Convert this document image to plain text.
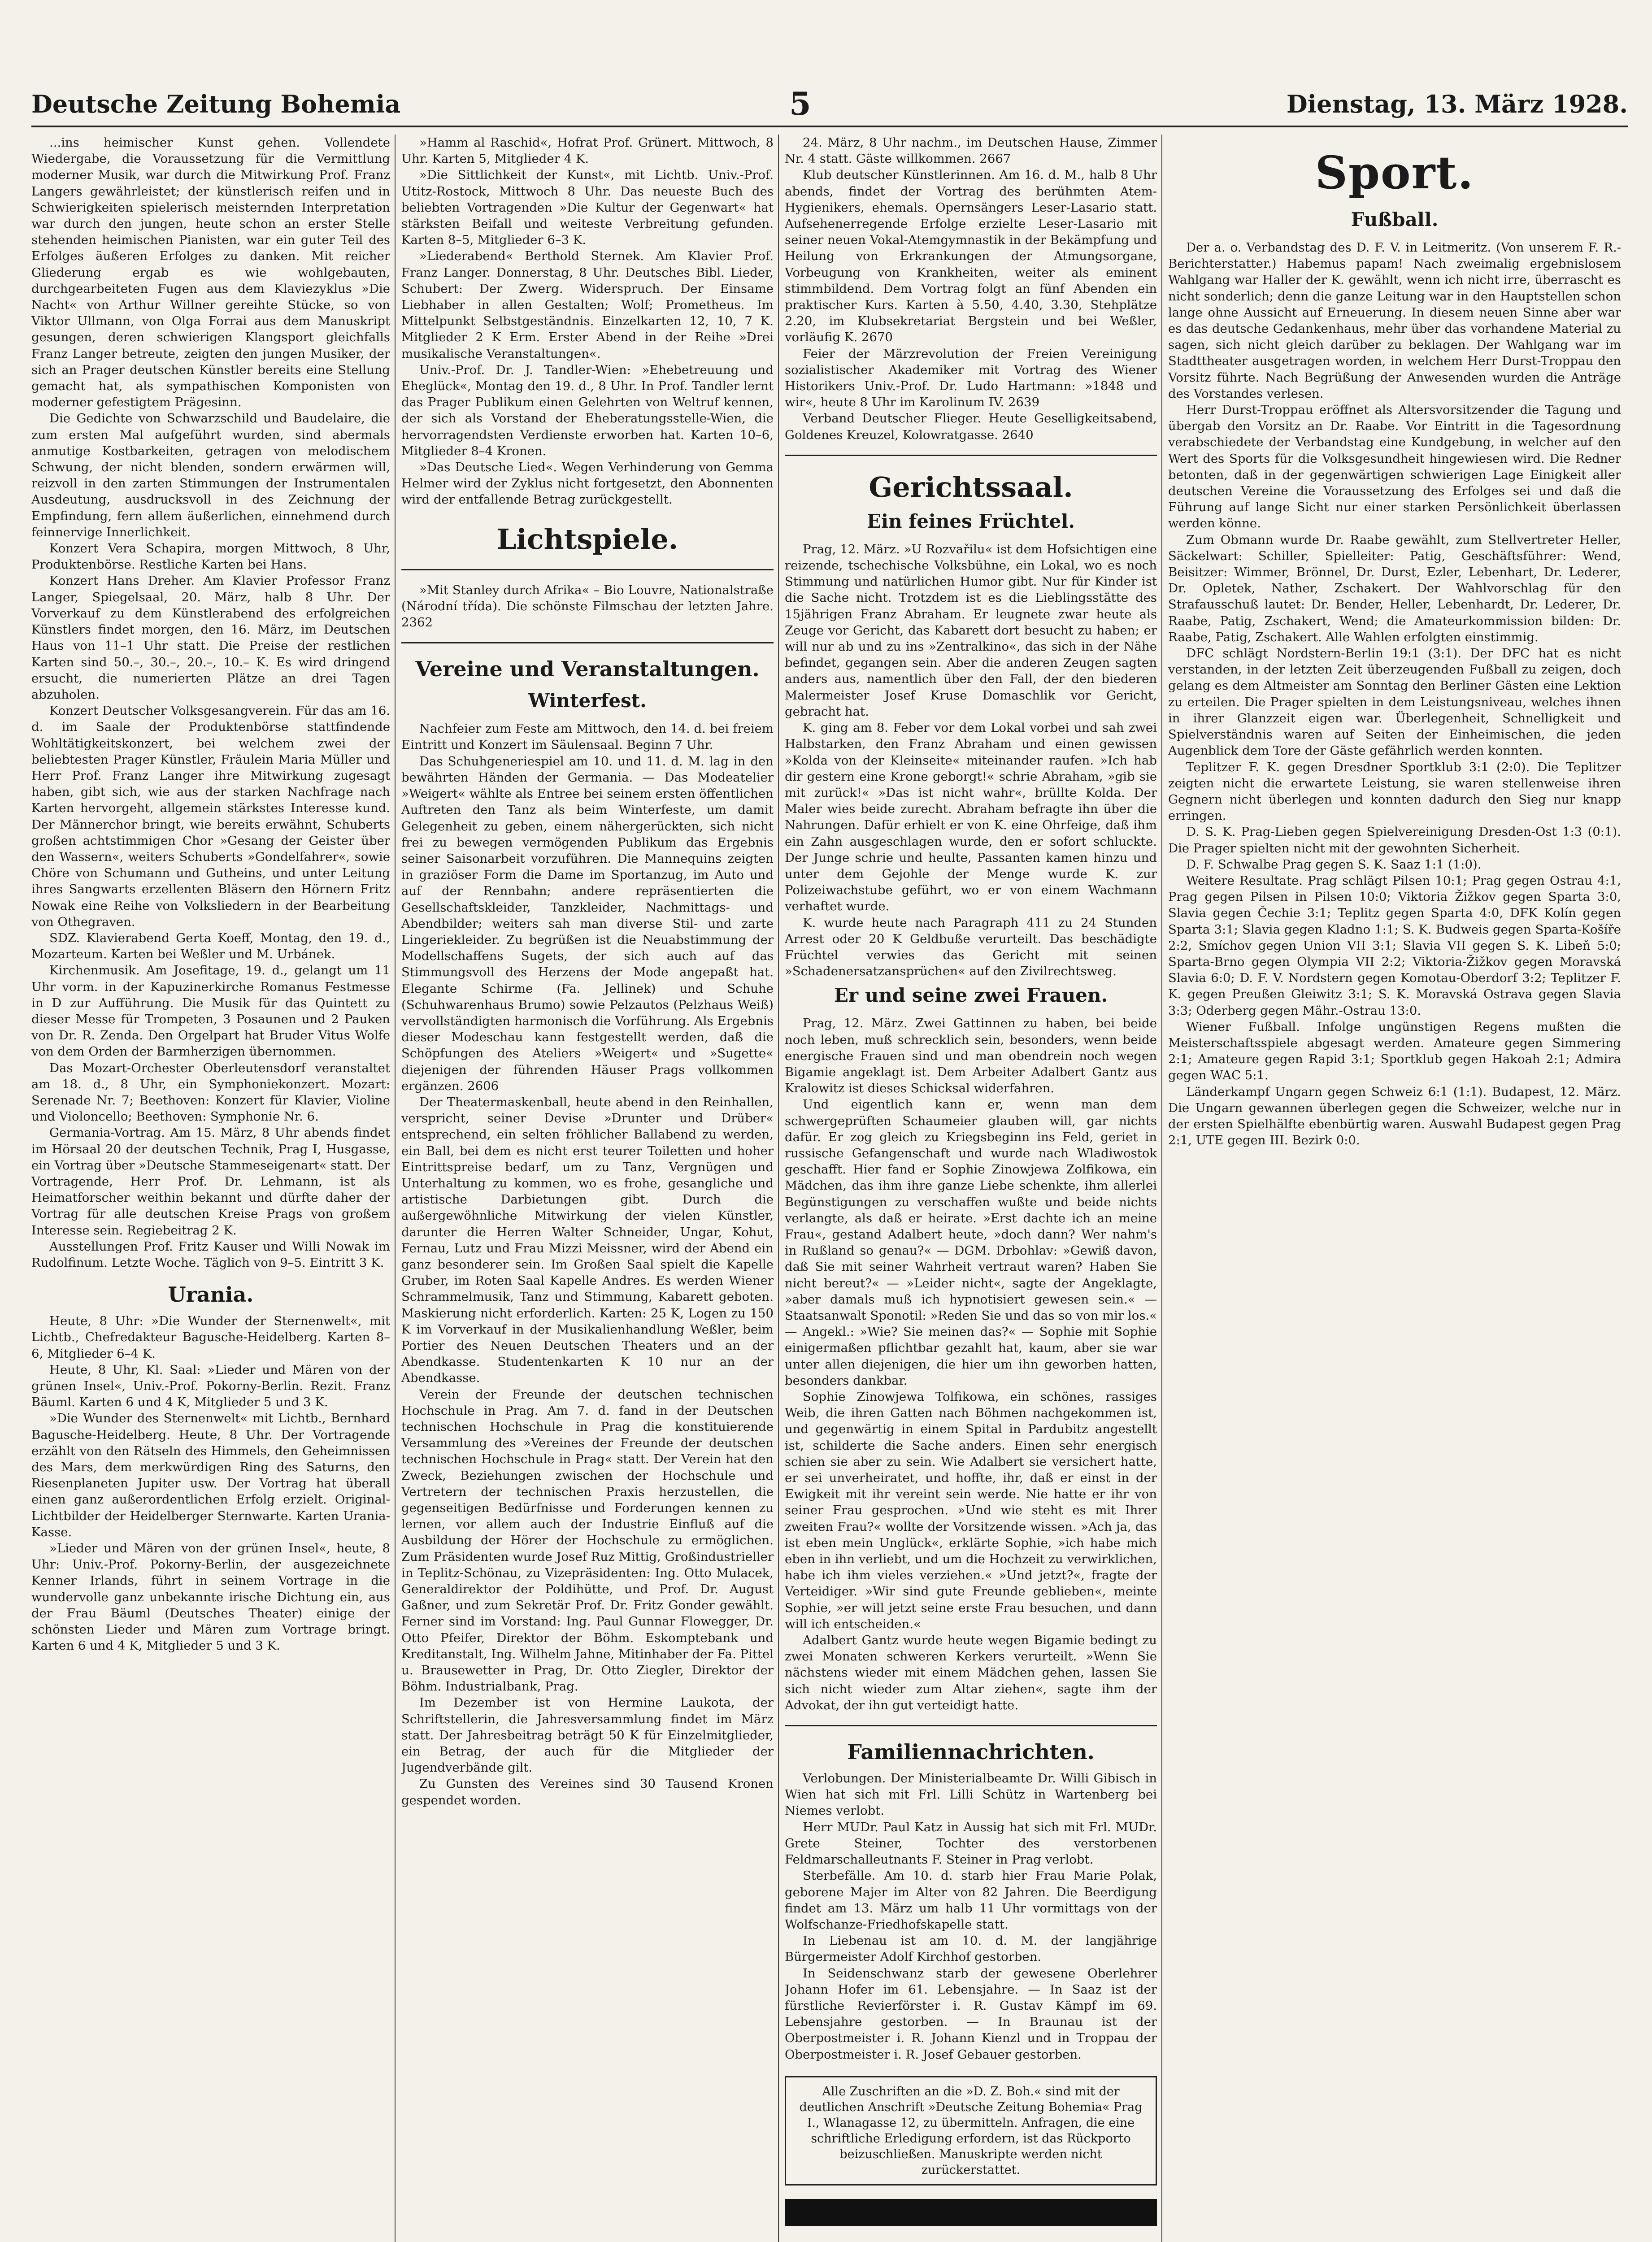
Deutsche Zeitung Bohemia	5	Dienstag, 13. März 1928.

...ins heimischer Kunst gehen. Vollendete Wiedergabe, die Voraussetzung für die Vermittlung moderner Musik, war durch die Mitwirkung Prof. Franz Langers gewährleistet; der künstlerisch reifen und in Schwierigkeiten spielerisch meisternden Interpretation war durch den jungen, heute schon an erster Stelle stehenden heimischen Pianisten, war ein guter Teil des Erfolges äußeren Erfolges zu danken. Mit reicher Gliederung ergab es wie wohlgebauten, durchgearbeiteten Fugen aus dem Klaviezyklus »Die Nacht« von Arthur Willner gereihte Stücke, so von Viktor Ullmann, von Olga Forrai aus dem Manuskript gesungen, deren schwierigen Klangsport gleichfalls Franz Langer betreute, zeigten den jungen Musiker, der sich an Prager deutschen Künstler bereits eine Stellung gemacht hat, als sympathischen Komponisten von moderner gefestigtem Prägesinn.

Die Gedichte von Schwarzschild und Baudelaire, die zum ersten Mal aufgeführt wurden, sind abermals anmutige Kostbarkeiten, getragen von melodischem Schwung, der nicht blenden, sondern erwärmen will, reizvoll in den zarten Stimmungen der Instrumentalen Ausdeutung, ausdrucksvoll in des Zeichnung der Empfindung, fern allem äußerlichen, einnehmend durch feinnervige Innerlichkeit.

Konzert Vera Schapira, morgen Mittwoch, 8 Uhr, Produktenbörse. Restliche Karten bei Hans.

Konzert Hans Dreher. Am Klavier Professor Franz Langer, Spiegelsaal, 20. März, halb 8 Uhr. Der Vorverkauf zu dem Künstlerabend des erfolgreichen Künstlers findet morgen, den 16. März, im Deutschen Haus von 11–1 Uhr statt. Die Preise der restlichen Karten sind 50.–, 30.–, 20.–, 10.– K. Es wird dringend ersucht, die numerierten Plätze an drei Tagen abzuholen.

Konzert Deutscher Volksgesangverein. Für das am 16. d. im Saale der Produktenbörse stattfindende Wohltätigkeitskonzert, bei welchem zwei der beliebtesten Prager Künstler, Fräulein Maria Müller und Herr Prof. Franz Langer ihre Mitwirkung zugesagt haben, gibt sich, wie aus der starken Nachfrage nach Karten hervorgeht, allgemein stärkstes Interesse kund. Der Männerchor bringt, wie bereits erwähnt, Schuberts großen achtstimmigen Chor »Gesang der Geister über den Wassern«, weiters Schuberts »Gondelfahrer«, sowie Chöre von Schumann und Gutheins, und unter Leitung ihres Sangwarts erzellenten Bläsern den Hörnern Fritz Nowak eine Reihe von Volksliedern in der Bearbeitung von Othegraven.

SDZ. Klavierabend Gerta Koeff, Montag, den 19. d., Mozarteum. Karten bei Weßler und M. Urbánek.

Kirchenmusik. Am Josefitage, 19. d., gelangt um 11 Uhr vorm. in der Kapuzinerkirche Romanus Festmesse in D zur Aufführung. Die Musik für das Quintett zu dieser Messe für Trompeten, 3 Posaunen und 2 Pauken von Dr. R. Zenda. Den Orgelpart hat Bruder Vitus Wolfe von dem Orden der Barmherzigen übernommen.

Das Mozart-Orchester Oberleutensdorf veranstaltet am 18. d., 8 Uhr, ein Symphoniekonzert. Mozart: Serenade Nr. 7; Beethoven: Konzert für Klavier, Violine und Violoncello; Beethoven: Symphonie Nr. 6.

Germania-Vortrag. Am 15. März, 8 Uhr abends findet im Hörsaal 20 der deutschen Technik, Prag I, Husgasse, ein Vortrag über »Deutsche Stammeseigenart« statt. Der Vortragende, Herr Prof. Dr. Lehmann, ist als Heimatforscher weithin bekannt und dürfte daher der Vortrag für alle deutschen Kreise Prags von großem Interesse sein. Regiebeitrag 2 K.

Ausstellungen Prof. Fritz Kauser und Willi Nowak im Rudolfinum. Letzte Woche. Täglich von 9–5. Eintritt 3 K.

Urania.

Heute, 8 Uhr: »Die Wunder der Sternenwelt«, mit Lichtb., Chefredakteur Bagusche-Heidelberg. Karten 8–6, Mitglieder 6–4 K.

Heute, 8 Uhr, Kl. Saal: »Lieder und Mären von der grünen Insel«, Univ.-Prof. Pokorny-Berlin. Rezit. Franz Bäuml. Karten 6 und 4 K, Mitglieder 5 und 3 K.

»Die Wunder des Sternenwelt« mit Lichtb., Bernhard Bagusche-Heidelberg. Heute, 8 Uhr. Der Vortragende erzählt von den Rätseln des Himmels, den Geheimnissen des Mars, dem merkwürdigen Ring des Saturns, den Riesenplaneten Jupiter usw. Der Vortrag hat überall einen ganz außerordentlichen Erfolg erzielt. Original-Lichtbilder der Heidelberger Sternwarte. Karten Urania-Kasse.

»Lieder und Mären von der grünen Insel«, heute, 8 Uhr: Univ.-Prof. Pokorny-Berlin, der ausgezeichnete Kenner Irlands, führt in seinem Vortrage in die wundervolle ganz unbekannte irische Dichtung ein, aus der Frau Bäuml (Deutsches Theater) einige der schönsten Lieder und Mären zum Vortrage bringt. Karten 6 und 4 K, Mitglieder 5 und 3 K.

»Hamm al Raschid«, Hofrat Prof. Grünert. Mittwoch, 8 Uhr. Karten 5, Mitglieder 4 K.

»Die Sittlichkeit der Kunst«, mit Lichtb. Univ.-Prof. Utitz-Rostock, Mittwoch 8 Uhr. Das neueste Buch des beliebten Vortragenden »Die Kultur der Gegenwart« hat stärksten Beifall und weiteste Verbreitung gefunden. Karten 8–5, Mitglieder 6–3 K.

»Liederabend« Berthold Sternek. Am Klavier Prof. Franz Langer. Donnerstag, 8 Uhr. Deutsches Bibl. Lieder, Schubert: Der Zwerg. Widerspruch. Der Einsame Liebhaber in allen Gestalten; Wolf; Prometheus. Im Mittelpunkt Selbstgeständnis. Einzelkarten 12, 10, 7 K. Mitglieder 2 K Erm. Erster Abend in der Reihe »Drei musikalische Veranstaltungen«.

Univ.-Prof. Dr. J. Tandler-Wien: »Ehebetreuung und Eheglück«, Montag den 19. d., 8 Uhr. In Prof. Tandler lernt das Prager Publikum einen Gelehrten von Weltruf kennen, der sich als Vorstand der Eheberatungsstelle-Wien, die hervorragendsten Verdienste erworben hat. Karten 10–6, Mitglieder 8–4 Kronen.

»Das Deutsche Lied«. Wegen Verhinderung von Gemma Helmer wird der Zyklus nicht fortgesetzt, den Abonnenten wird der entfallende Betrag zurückgestellt.

Lichtspiele.

»Mit Stanley durch Afrika« – Bio Louvre, Nationalstraße (Národní třída). Die schönste Filmschau der letzten Jahre. 2362

Vereine und Veranstaltungen.
Winterfest.

Nachfeier zum Feste am Mittwoch, den 14. d. bei freiem Eintritt und Konzert im Säulensaal. Beginn 7 Uhr.

Das Schuhgeneriespiel am 10. und 11. d. M. lag in den bewährten Händen der Germania. — Das Modeatelier »Weigert« wählte als Entree bei seinem ersten öffentlichen Auftreten den Tanz als beim Winterfeste, um damit Gelegenheit zu geben, einem nähergerückten, sich nicht frei zu bewegen vermögenden Publikum das Ergebnis seiner Saisonarbeit vorzuführen. Die Mannequins zeigten in graziöser Form die Dame im Sportanzug, im Auto und auf der Rennbahn; andere repräsentierten die Gesellschaftskleider, Tanzkleider, Nachmittags- und Abendbilder; weiters sah man diverse Stil- und zarte Lingeriekleider. Zu begrüßen ist die Neuabstimmung der Modellschaffens Sugets, der sich auch auf das Stimmungsvoll des Herzens der Mode angepaßt hat. Elegante Schirme (Fa. Jellinek) und Schuhe (Schuhwarenhaus Brumo) sowie Pelzautos (Pelzhaus Weiß) vervollständigten harmonisch die Vorführung. Als Ergebnis dieser Modeschau kann festgestellt werden, daß die Schöpfungen des Ateliers »Weigert« und »Sugette« diejenigen der führenden Häuser Prags vollkommen ergänzen. 2606

Der Theatermaskenball, heute abend in den Reinhallen, verspricht, seiner Devise »Drunter und Drüber« entsprechend, ein selten fröhlicher Ballabend zu werden, ein Ball, bei dem es nicht erst teurer Toiletten und hoher Eintrittspreise bedarf, um zu Tanz, Vergnügen und Unterhaltung zu kommen, wo es frohe, gesangliche und artistische Darbietungen gibt. Durch die außergewöhnliche Mitwirkung der vielen Künstler, darunter die Herren Walter Schneider, Ungar, Kohut, Fernau, Lutz und Frau Mizzi Meissner, wird der Abend ein ganz besonderer sein. Im Großen Saal spielt die Kapelle Gruber, im Roten Saal Kapelle Andres. Es werden Wiener Schrammelmusik, Tanz und Stimmung, Kabarett geboten. Maskierung nicht erforderlich. Karten: 25 K, Logen zu 150 K im Vorverkauf in der Musikalienhandlung Weßler, beim Portier des Neuen Deutschen Theaters und an der Abendkasse. Studentenkarten K 10 nur an der Abendkasse.

Verein der Freunde der deutschen technischen Hochschule in Prag. Am 7. d. fand in der Deutschen technischen Hochschule in Prag die konstituierende Versammlung des »Vereines der Freunde der deutschen technischen Hochschule in Prag« statt. Der Verein hat den Zweck, Beziehungen zwischen der Hochschule und Vertretern der technischen Praxis herzustellen, die gegenseitigen Bedürfnisse und Forderungen kennen zu lernen, vor allem auch der Industrie Einfluß auf die Ausbildung der Hörer der Hochschule zu ermöglichen. Zum Präsidenten wurde Josef Ruz Mittig, Großindustrieller in Teplitz-Schönau, zu Vizepräsidenten: Ing. Otto Mulacek, Generaldirektor der Poldihütte, und Prof. Dr. August Gaßner, und zum Sekretär Prof. Dr. Fritz Gonder gewählt. Ferner sind im Vorstand: Ing. Paul Gunnar Flowegger, Dr. Otto Pfeifer, Direktor der Böhm. Eskomptebank und Kreditanstalt, Ing. Wilhelm Jahne, Mitinhaber der Fa. Pittel u. Brausewetter in Prag, Dr. Otto Ziegler, Direktor der Böhm. Industrialbank, Prag.

Im Dezember ist von Hermine Laukota, der Schriftstellerin, die Jahresversammlung findet im März statt. Der Jahresbeitrag beträgt 50 K für Einzelmitglieder, ein Betrag, der auch für die Mitglieder der Jugendverbände gilt.

Zu Gunsten des Vereines sind 30 Tausend Kronen gespendet worden.

24. März, 8 Uhr nachm., im Deutschen Hause, Zimmer Nr. 4 statt. Gäste willkommen. 2667

Klub deutscher Künstlerinnen. Am 16. d. M., halb 8 Uhr abends, findet der Vortrag des berühmten Atem-Hygienikers, ehemals. Opernsängers Leser-Lasario statt. Aufsehenerregende Erfolge erzielte Leser-Lasario mit seiner neuen Vokal-Atemgymnastik in der Bekämpfung und Heilung von Erkrankungen der Atmungsorgane, Vorbeugung von Krankheiten, weiter als eminent stimmbildend. Dem Vortrag folgt an fünf Abenden ein praktischer Kurs. Karten à 5.50, 4.40, 3.30, Stehplätze 2.20, im Klubsekretariat Bergstein und bei Weßler, vorläufig K. 2670

Feier der Märzrevolution der Freien Vereinigung sozialistischer Akademiker mit Vortrag des Wiener Historikers Univ.-Prof. Dr. Ludo Hartmann: »1848 und wir«, heute 8 Uhr im Karolinum IV. 2639

Verband Deutscher Flieger. Heute Geselligkeitsabend, Goldenes Kreuzel, Kolowratgasse. 2640

Gerichtssaal.
Ein feines Früchtel.

Prag, 12. März. »U Rozvařilu« ist dem Hofsichtigen eine reizende, tschechische Volksbühne, ein Lokal, wo es noch Stimmung und natürlichen Humor gibt. Nur für Kinder ist die Sache nicht. Trotzdem ist es die Lieblingsstätte des 15jährigen Franz Abraham. Er leugnete zwar heute als Zeuge vor Gericht, das Kabarett dort besucht zu haben; er will nur ab und zu ins »Zentralkino«, das sich in der Nähe befindet, gegangen sein. Aber die anderen Zeugen sagten anders aus, namentlich über den Fall, der den biederen Malermeister Josef Kruse Domaschlik vor Gericht, gebracht hat.

K. ging am 8. Feber vor dem Lokal vorbei und sah zwei Halbstarken, den Franz Abraham und einen gewissen »Kolda von der Kleinseite« miteinander raufen. »Ich hab dir gestern eine Krone geborgt!« schrie Abraham, »gib sie mit zurück!« »Das ist nicht wahr«, brüllte Kolda. Der Maler wies beide zurecht. Abraham befragte ihn über die Nahrungen. Dafür erhielt er von K. eine Ohrfeige, daß ihm ein Zahn ausgeschlagen wurde, den er sofort schluckte. Der Junge schrie und heulte, Passanten kamen hinzu und unter dem Gejohle der Menge wurde K. zur Polizeiwachstube geführt, wo er von einem Wachmann verhaftet wurde.

K. wurde heute nach Paragraph 411 zu 24 Stunden Arrest oder 20 K Geldbuße verurteilt. Das beschädigte Früchtel verwies das Gericht mit seinen »Schadenersatzansprüchen« auf den Zivilrechtsweg.

Er und seine zwei Frauen.

Prag, 12. März. Zwei Gattinnen zu haben, bei beide noch leben, muß schrecklich sein, besonders, wenn beide energische Frauen sind und man obendrein noch wegen Bigamie angeklagt ist. Dem Arbeiter Adalbert Gantz aus Kralowitz ist dieses Schicksal widerfahren.

Und eigentlich kann er, wenn man dem schwergeprüften Schaumeier glauben will, gar nichts dafür. Er zog gleich zu Kriegsbeginn ins Feld, geriet in russische Gefangenschaft und wurde nach Wladiwostok geschafft. Hier fand er Sophie Zinowjewa Zolfikowa, ein Mädchen, das ihm ihre ganze Liebe schenkte, ihm allerlei Begünstigungen zu verschaffen wußte und beide nichts verlangte, als daß er heirate. »Erst dachte ich an meine Frau«, gestand Adalbert heute, »doch dann? Wer nahm's in Rußland so genau?« — DGM. Drbohlav: »Gewiß davon, daß Sie mit seiner Wahrheit vertraut waren? Haben Sie nicht bereut?« — »Leider nicht«, sagte der Angeklagte, »aber damals muß ich hypnotisiert gewesen sein.« — Staatsanwalt Sponotil: »Reden Sie und das so von mir los.« — Angekl.: »Wie? Sie meinen das?« — Sophie mit Sophie einigermaßen pflichtbar gezahlt hat, kaum, aber sie war unter allen diejenigen, die hier um ihn geworben hatten, besonders dankbar.

Sophie Zinowjewa Tolfikowa, ein schönes, rassiges Weib, die ihren Gatten nach Böhmen nachgekommen ist, und gegenwärtig in einem Spital in Pardubitz angestellt ist, schilderte die Sache anders. Einen sehr energisch schien sie aber zu sein. Wie Adalbert sie versichert hatte, er sei unverheiratet, und hoffte, ihr, daß er einst in der Ewigkeit mit ihr vereint sein werde. Nie hatte er ihr von seiner Frau gesprochen. »Und wie steht es mit Ihrer zweiten Frau?« wollte der Vorsitzende wissen. »Ach ja, das ist eben mein Unglück«, erklärte Sophie, »ich habe mich eben in ihn verliebt, und um die Hochzeit zu verwirklichen, habe ich ihm vieles verziehen.« »Und jetzt?«, fragte der Verteidiger. »Wir sind gute Freunde geblieben«, meinte Sophie, »er will jetzt seine erste Frau besuchen, und dann will ich entscheiden.«

Adalbert Gantz wurde heute wegen Bigamie bedingt zu zwei Monaten schweren Kerkers verurteilt. »Wenn Sie nächstens wieder mit einem Mädchen gehen, lassen Sie sich nicht wieder zum Altar ziehen«, sagte ihm der Advokat, der ihn gut verteidigt hatte.

Familiennachrichten.

Verlobungen. Der Ministerialbeamte Dr. Willi Gibisch in Wien hat sich mit Frl. Lilli Schütz in Wartenberg bei Niemes verlobt.

Herr MUDr. Paul Katz in Aussig hat sich mit Frl. MUDr. Grete Steiner, Tochter des verstorbenen Feldmarschalleutnants F. Steiner in Prag verlobt.

Sterbefälle. Am 10. d. starb hier Frau Marie Polak, geborene Majer im Alter von 82 Jahren. Die Beerdigung findet am 13. März um halb 11 Uhr vormittags von der Wolfschanze-Friedhofskapelle statt.

In Liebenau ist am 10. d. M. der langjährige Bürgermeister Adolf Kirchhof gestorben.

In Seidenschwanz starb der gewesene Oberlehrer Johann Hofer im 61. Lebensjahre. — In Saaz ist der fürstliche Revierförster i. R. Gustav Kämpf im 69. Lebensjahre gestorben. — In Braunau ist der Oberpostmeister i. R. Johann Kienzl und in Troppau der Oberpostmeister i. R. Josef Gebauer gestorben.

Alle Zuschriften an die »D. Z. Boh.« sind mit der deutlichen Anschrift »Deutsche Zeitung Bohemia« Prag I., Wlanagasse 12, zu übermitteln. Anfragen, die eine schriftliche Erledigung erfordern, ist das Rückporto beizuschließen. Manuskripte werden nicht zurückerstattet.
Sport.
Fußball.

Der a. o. Verbandstag des D. F. V. in Leitmeritz. (Von unserem F. R.-Berichterstatter.) Habemus papam! Nach zweimalig ergebnislosem Wahlgang war Haller der K. gewählt, wenn ich nicht irre, überrascht es nicht sonderlich; denn die ganze Leitung war in den Hauptstellen schon lange ohne Aussicht auf Erneuerung. In diesem neuen Sinne aber war es das deutsche Gedankenhaus, mehr über das vorhandene Material zu sagen, sich nicht gleich darüber zu beklagen. Der Wahlgang war im Stadttheater ausgetragen worden, in welchem Herr Durst-Troppau den Vorsitz führte. Nach Begrüßung der Anwesenden wurden die Anträge des Vorstandes verlesen.

Herr Durst-Troppau eröffnet als Altersvorsitzender die Tagung und übergab den Vorsitz an Dr. Raabe. Vor Eintritt in die Tagesordnung verabschiedete der Verbandstag eine Kundgebung, in welcher auf den Wert des Sports für die Volksgesundheit hingewiesen wird. Die Redner betonten, daß in der gegenwärtigen schwierigen Lage Einigkeit aller deutschen Vereine die Voraussetzung des Erfolges sei und daß die Führung auf lange Sicht nur einer starken Persönlichkeit überlassen werden könne.

Zum Obmann wurde Dr. Raabe gewählt, zum Stellvertreter Heller, Säckelwart: Schiller, Spielleiter: Patig, Geschäftsführer: Wend, Beisitzer: Wimmer, Brönnel, Dr. Durst, Ezler, Lebenhart, Dr. Lederer, Dr. Opletek, Nather, Zschakert. Der Wahlvorschlag für den Strafausschuß lautet: Dr. Bender, Heller, Lebenhardt, Dr. Lederer, Dr. Raabe, Patig, Zschakert, Wend; die Amateurkommission bilden: Dr. Raabe, Patig, Zschakert. Alle Wahlen erfolgten einstimmig.

DFC schlägt Nordstern-Berlin 19:1 (3:1). Der DFC hat es nicht verstanden, in der letzten Zeit überzeugenden Fußball zu zeigen, doch gelang es dem Altmeister am Sonntag den Berliner Gästen eine Lektion zu erteilen. Die Prager spielten in dem Leistungsniveau, welches ihnen in ihrer Glanzzeit eigen war. Überlegenheit, Schnelligkeit und Spielverständnis waren auf Seiten der Einheimischen, die jeden Augenblick dem Tore der Gäste gefährlich werden konnten.

Teplitzer F. K. gegen Dresdner Sportklub 3:1 (2:0). Die Teplitzer zeigten nicht die erwartete Leistung, sie waren stellenweise ihren Gegnern nicht überlegen und konnten dadurch den Sieg nur knapp erringen.

D. S. K. Prag-Lieben gegen Spielvereinigung Dresden-Ost 1:3 (0:1). Die Prager spielten nicht mit der gewohnten Sicherheit.

D. F. Schwalbe Prag gegen S. K. Saaz 1:1 (1:0).

Weitere Resultate. Prag schlägt Pilsen 10:1; Prag gegen Ostrau 4:1, Prag gegen Pilsen in Pilsen 10:0; Viktoria Žižkov gegen Sparta 3:0, Slavia gegen Čechie 3:1; Teplitz gegen Sparta 4:0, DFK Kolín gegen Sparta 3:1; Slavia gegen Kladno 1:1; S. K. Budweis gegen Sparta-Košíře 2:2, Smíchov gegen Union VII 3:1; Slavia VII gegen S. K. Libeň 5:0; Sparta-Brno gegen Olympia VII 2:2; Viktoria-Žižkov gegen Moravská Slavia 6:0; D. F. V. Nordstern gegen Komotau-Oberdorf 3:2; Teplitzer F. K. gegen Preußen Gleiwitz 3:1; S. K. Moravská Ostrava gegen Slavia 3:3; Oderberg gegen Mähr.-Ostrau 13:0.

Wiener Fußball. Infolge ungünstigen Regens mußten die Meisterschaftsspiele abgesagt werden. Amateure gegen Simmering 2:1; Amateure gegen Rapid 3:1; Sportklub gegen Hakoah 2:1; Admira gegen WAC 5:1.

Länderkampf Ungarn gegen Schweiz 6:1 (1:1). Budapest, 12. März. Die Ungarn gewannen überlegen gegen die Schweizer, welche nur in der ersten Spielhälfte ebenbürtig waren. Auswahl Budapest gegen Prag 2:1, UTE gegen III. Bezirk 0:0.
